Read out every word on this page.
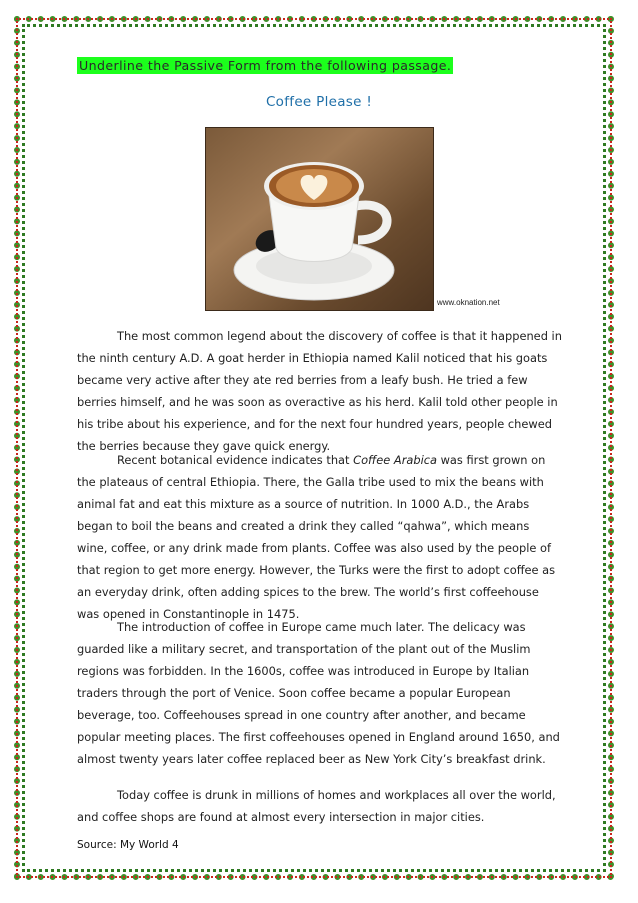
Underline the Passive Form from the following passage.
Coffee Please !
www.oknation.net

The most common legend about the discovery of coffee is that it happened in the ninth century A.D. A goat herder in Ethiopia named Kalil noticed that his goats became very active after they ate red berries from a leafy bush. He tried a few berries himself, and he was soon as overactive as his herd. Kalil told other people in his tribe about his experience, and for the next four hundred years, people chewed the berries because they gave quick energy.

Recent botanical evidence indicates that Coffee Arabica was first grown on the plateaus of central Ethiopia. There, the Galla tribe used to mix the beans with animal fat and eat this mixture as a source of nutrition. In 1000 A.D., the Arabs began to boil the beans and created a drink they called “qahwa”, which means wine, coffee, or any drink made from plants. Coffee was also used by the people of that region to get more energy. However, the Turks were the first to adopt coffee as an everyday drink, often adding spices to the brew. The world’s first coffeehouse was opened in Constantinople in 1475.

The introduction of coffee in Europe came much later. The delicacy was guarded like a military secret, and transportation of the plant out of the Muslim regions was forbidden. In the 1600s, coffee was introduced in Europe by Italian traders through the port of Venice. Soon coffee became a popular European beverage, too. Coffeehouses spread in one country after another, and became popular meeting places. The first coffeehouses opened in England around 1650, and almost twenty years later coffee replaced beer as New York City’s breakfast drink.

Today coffee is drunk in millions of homes and workplaces all over the world, and coffee shops are found at almost every intersection in major cities.

Source: My World 4
